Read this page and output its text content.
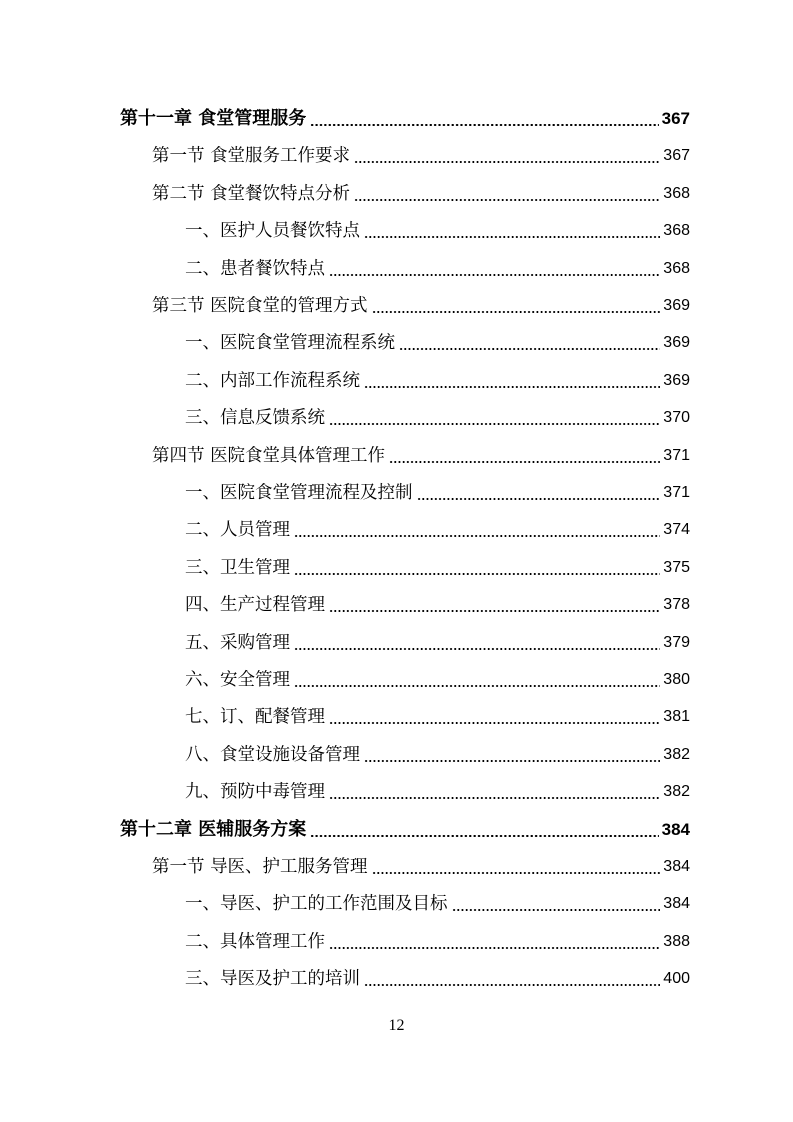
第十一章 食堂管理服务	367
第一节 食堂服务工作要求	367
第二节 食堂餐饮特点分析	368
一、医护人员餐饮特点	368
二、患者餐饮特点	368
第三节 医院食堂的管理方式	369
一、医院食堂管理流程系统	369
二、内部工作流程系统	369
三、信息反馈系统	370
第四节 医院食堂具体管理工作	371
一、医院食堂管理流程及控制	371
二、人员管理	374
三、卫生管理	375
四、生产过程管理	378
五、采购管理	379
六、安全管理	380
七、订、配餐管理	381
八、食堂设施设备管理	382
九、预防中毒管理	382
第十二章 医辅服务方案	384
第一节 导医、护工服务管理	384
一、导医、护工的工作范围及目标	384
二、具体管理工作	388
三、导医及护工的培训	400
12
